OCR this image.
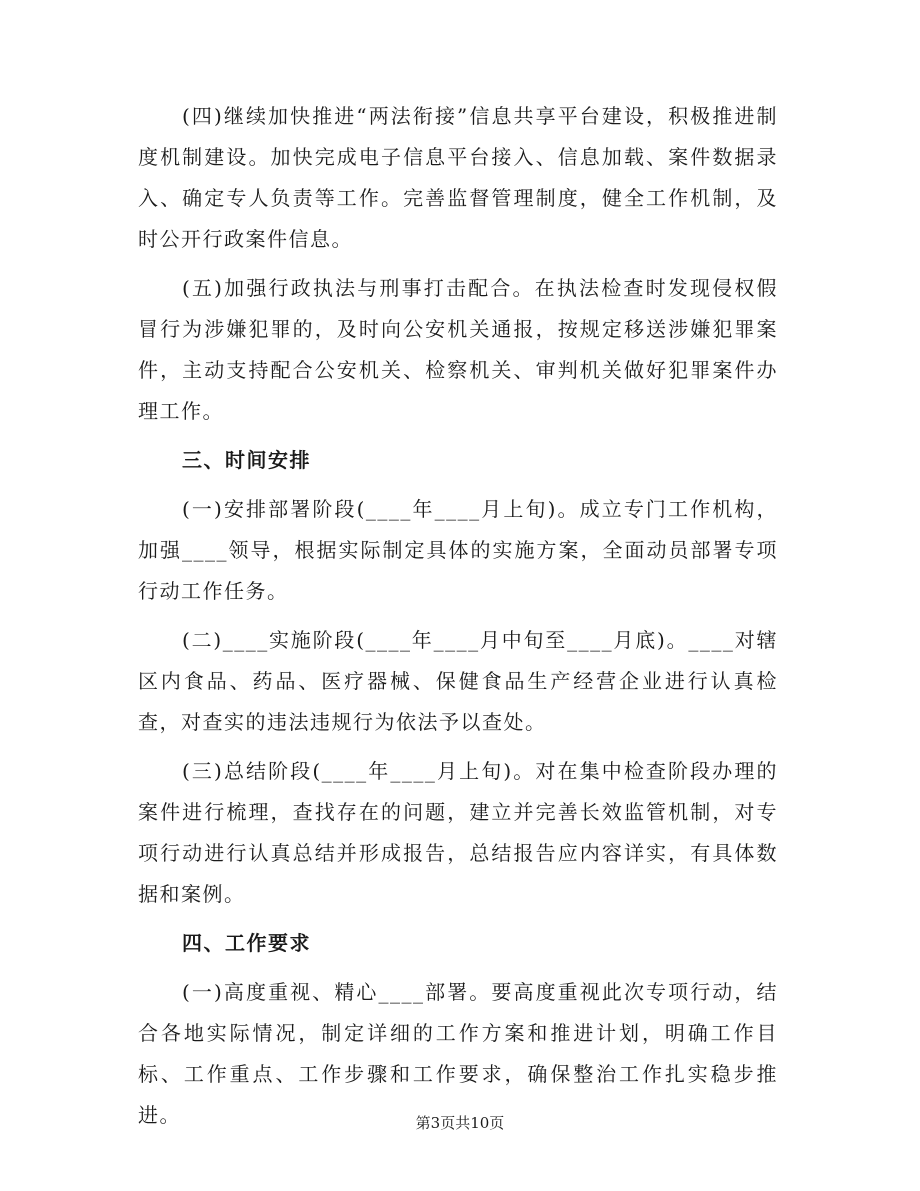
(四)继续加快推进“两法衔接”信息共享平台建设，积极推进制度机制建设。加快完成电子信息平台接入、信息加载、案件数据录入、确定专人负责等工作。完善监督管理制度，健全工作机制，及时公开行政案件信息。

(五)加强行政执法与刑事打击配合。在执法检查时发现侵权假冒行为涉嫌犯罪的，及时向公安机关通报，按规定移送涉嫌犯罪案件，主动支持配合公安机关、检察机关、审判机关做好犯罪案件办理工作。

三、时间安排

(一)安排部署阶段(____年____月上旬)。成立专门工作机构，加强____领导，根据实际制定具体的实施方案，全面动员部署专项行动工作任务。

(二)____实施阶段(____年____月中旬至____月底)。____对辖区内食品、药品、医疗器械、保健食品生产经营企业进行认真检查，对查实的违法违规行为依法予以查处。

(三)总结阶段(____年____月上旬)。对在集中检查阶段办理的案件进行梳理，查找存在的问题，建立并完善长效监管机制，对专项行动进行认真总结并形成报告，总结报告应内容详实，有具体数据和案例。

四、工作要求

(一)高度重视、精心____部署。要高度重视此次专项行动，结合各地实际情况，制定详细的工作方案和推进计划，明确工作目标、工作重点、工作步骤和工作要求，确保整治工作扎实稳步推进。	第3页共10页
